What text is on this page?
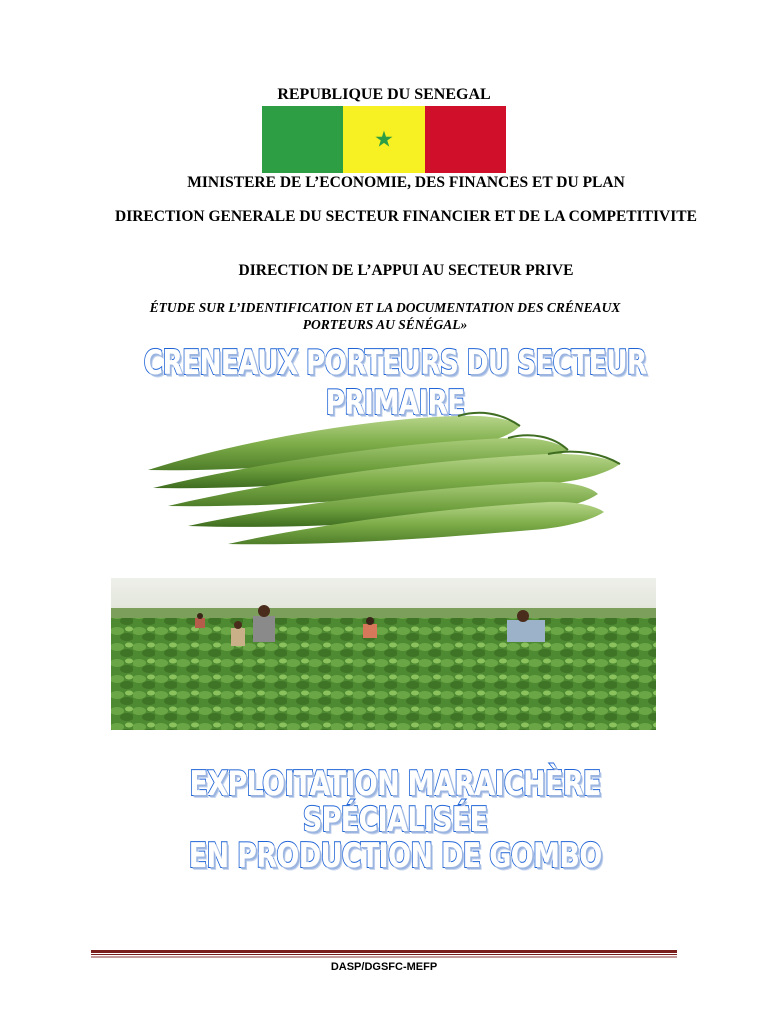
REPUBLIQUE DU SENEGAL
★
MINISTERE DE L’ECONOMIE, DES FINANCES ET DU PLAN
DIRECTION GENERALE DU SECTEUR FINANCIER ET DE LA COMPETITIVITE
DIRECTION DE L’APPUI AU SECTEUR PRIVE
ÉTUDE SUR L’IDENTIFICATION ET LA DOCUMENTATION DES CRÉNEAUX
PORTEURS AU SÉNÉGAL»
CRENEAUX PORTEURS DU SECTEUR PRIMAIRE
EXPLOITATION MARAICHÈRE SPÉCIALISÉE
EN PRODUCTION DE GOMBO
DASP/DGSFC-MEFP
